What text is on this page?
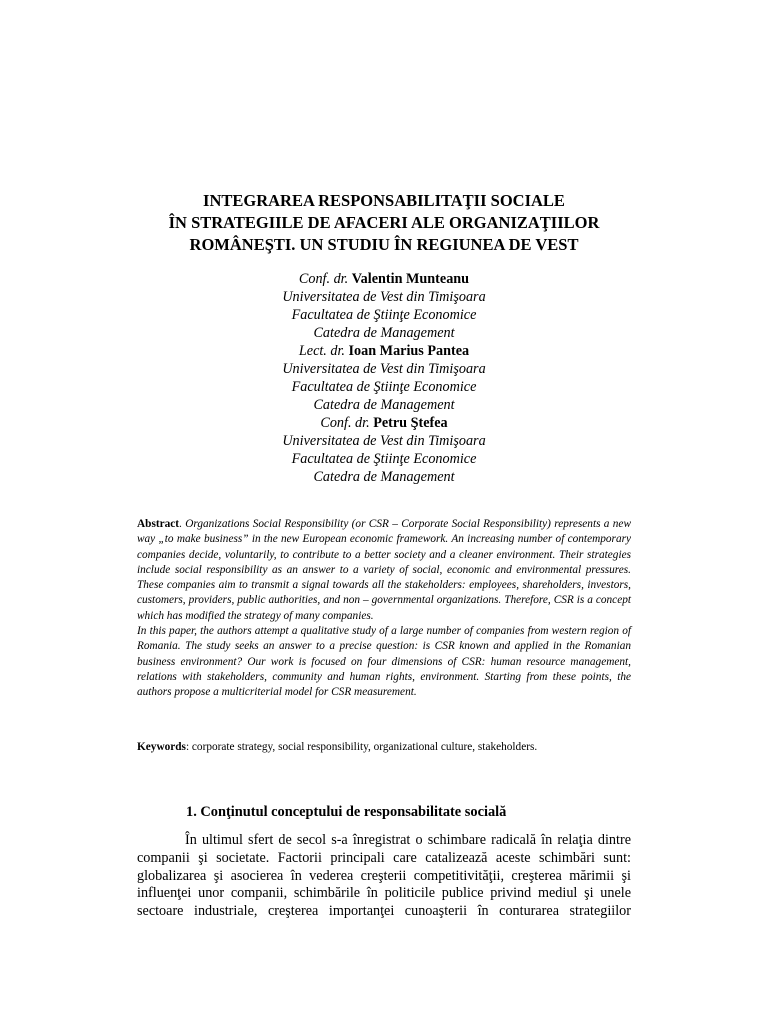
INTEGRAREA RESPONSABILITAŢII SOCIALE
ÎN STRATEGIILE DE AFACERI ALE ORGANIZAŢIILOR
ROMÂNEŞTI. UN STUDIU ÎN REGIUNEA DE VEST
Conf. dr. Valentin Munteanu
Universitatea de Vest din Timişoara
Facultatea de Ştiinţe Economice
Catedra de Management
Lect. dr. Ioan Marius Pantea
Universitatea de Vest din Timişoara
Facultatea de Ştiinţe Economice
Catedra de Management
Conf. dr. Petru Ştefea
Universitatea de Vest din Timişoara
Facultatea de Ştiinţe Economice
Catedra de Management

Abstract. Organizations Social Responsibility (or CSR – Corporate Social Responsibility) represents a new way „to make business” in the new European economic framework. An increasing number of contemporary companies decide, voluntarily, to contribute to a better society and a cleaner environment. Their strategies include social responsibility as an answer to a variety of social, economic and environmental pressures. These companies aim to transmit a signal towards all the stakeholders: employees, shareholders, investors, customers, providers, public authorities, and non – governmental organizations. Therefore, CSR is a concept which has modified the strategy of many companies.

In this paper, the authors attempt a qualitative study of a large number of companies from western region of Romania. The study seeks an answer to a precise question: is CSR known and applied in the Romanian business environment? Our work is focused on four dimensions of CSR: human resource management, relations with stakeholders, community and human rights, environment. Starting from these points, the authors propose a multicriterial model for CSR measurement.

Keywords: corporate strategy, social responsibility, organizational culture, stakeholders.
1. Conţinutul conceptului de responsabilitate socială
În ultimul sfert de secol s-a înregistrat o schimbare radicală în relaţia dintre
companii şi societate. Factorii principali care catalizează aceste schimbări sunt:
globalizarea şi asocierea în vederea creşterii competitivităţii, creşterea mărimii şi
influenţei unor companii, schimbările în politicile publice privind mediul şi unele
sectoare industriale, creşterea importanţei cunoaşterii în conturarea strategiilor
